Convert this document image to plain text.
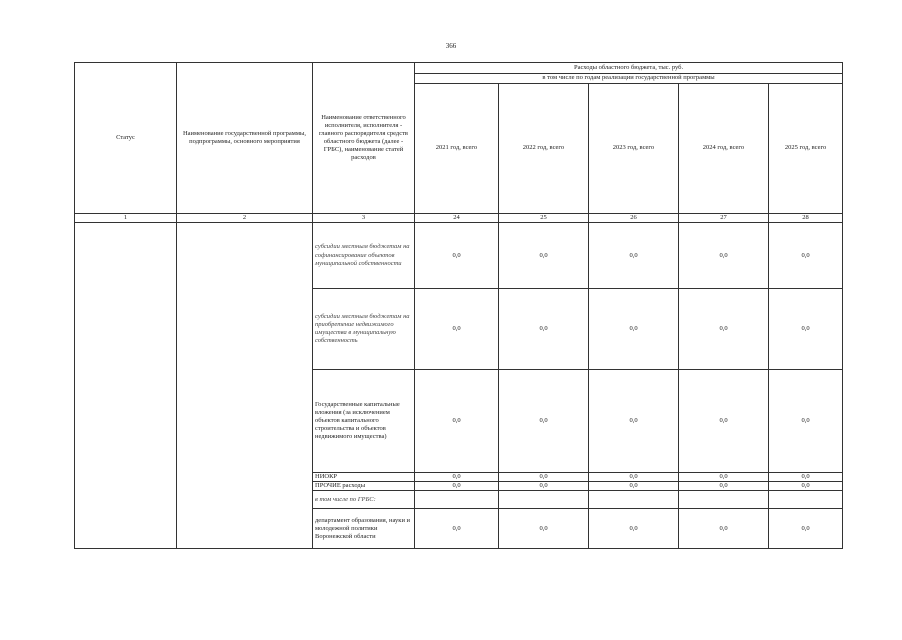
366
Статус	Наименование государственной программы, подпрограммы, основного мероприятия	Наименование ответственного исполнителя, исполнителя - главного распорядителя средств областного бюджета (далее - ГРБС), наименование статей расходов	Расходы областного бюджета, тыс. руб.				
			в том числе по годам реализации государственной программы				
			2021 год, всего	2022 год, всего	2023 год, всего	2024 год, всего	2025 год, всего
1	2	3	24	25	26	27	28
		субсидии местным бюджетам на софинансирование объектов муниципальной собственности	0,0	0,0	0,0	0,0	0,0
		субсидии местным бюджетам на приобретение недвижимого имущества в муниципальную собственность	0,0	0,0	0,0	0,0	0,0
		Государственные капитальные вложения (за исключением объектов капитального строительства и объектов недвижимого имущества)	0,0	0,0	0,0	0,0	0,0
		НИОКР	0,0	0,0	0,0	0,0	0,0
		ПРОЧИЕ расходы	0,0	0,0	0,0	0,0	0,0
		в том числе по ГРБС:					
		департамент образования, науки и молодежной политики Воронежской области	0,0	0,0	0,0	0,0	0,0
